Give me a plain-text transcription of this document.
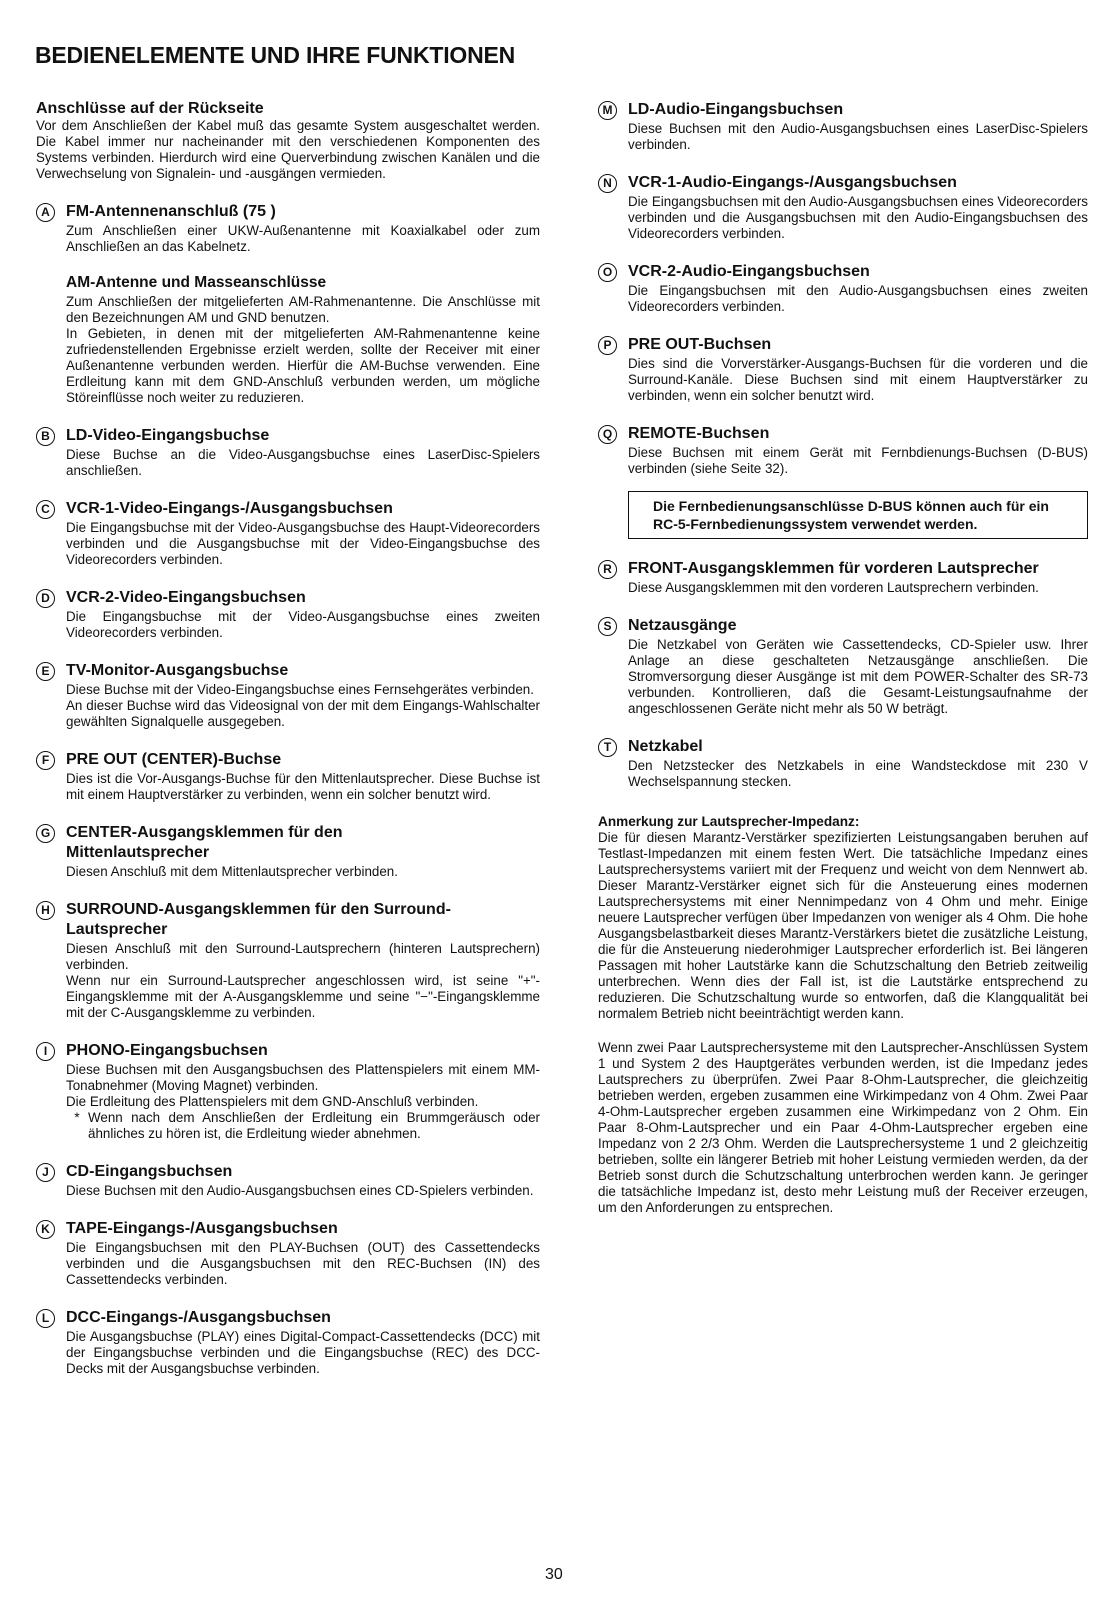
BEDIENELEMENTE UND IHRE FUNKTIONEN
Anschlüsse auf der Rückseite

Vor dem Anschließen der Kabel muß das gesamte System ausgeschaltet werden. Die Kabel immer nur nacheinander mit den verschiedenen Komponenten des Systems verbinden. Hierdurch wird eine Querverbindung zwischen Kanälen und die Verwechselung von Signalein- und -ausgängen vermieden.

A	FM-Antennenanschluß (75 )

Zum Anschließen einer UKW-Außenantenne mit Koaxialkabel oder zum Anschließen an das Kabelnetz.

AM-Antenne und Masseanschlüsse

Zum Anschließen der mitgelieferten AM-Rahmenantenne. Die Anschlüsse mit den Bezeichnungen AM und GND benutzen.

In Gebieten, in denen mit der mitgelieferten AM-Rahmenantenne keine zufriedenstellenden Ergebnisse erzielt werden, sollte der Receiver mit einer Außenantenne verbunden werden. Hierfür die AM-Buchse verwenden. Eine Erdleitung kann mit dem GND-Anschluß verbunden werden, um mögliche Störeinflüsse noch weiter zu reduzieren.

B	LD-Video-Eingangsbuchse

Diese Buchse an die Video-Ausgangsbuchse eines LaserDisc-Spielers anschließen.

C	VCR-1-Video-Eingangs-/Ausgangsbuchsen

Die Eingangsbuchse mit der Video-Ausgangsbuchse des Haupt-Videorecorders verbinden und die Ausgangsbuchse mit der Video-Eingangsbuchse des Videorecorders verbinden.

D	VCR-2-Video-Eingangsbuchsen

Die Eingangsbuchse mit der Video-Ausgangsbuchse eines zweiten Videorecorders verbinden.

E	TV-Monitor-Ausgangsbuchse

Diese Buchse mit der Video-Eingangsbuchse eines Fernsehgerätes verbinden.

An dieser Buchse wird das Videosignal von der mit dem Eingangs-Wahlschalter gewählten Signalquelle ausgegeben.

F	PRE OUT (CENTER)-Buchse

Dies ist die Vor-Ausgangs-Buchse für den Mittenlautsprecher. Diese Buchse ist mit einem Hauptverstärker zu verbinden, wenn ein solcher benutzt wird.

G CENTER-Ausgangsklemmen für den Mittenlautsprecher

Diesen Anschluß mit dem Mittenlautsprecher verbinden.

H	SURROUND-Ausgangsklemmen für den Surround-Lautsprecher

Diesen Anschluß mit den Surround-Lautsprechern (hinteren Lautsprechern) verbinden.

Wenn nur ein Surround-Lautsprecher angeschlossen wird, ist seine "+"-Eingangsklemme mit der A-Ausgangsklemme und seine "−"-Eingangsklemme mit der C-Ausgangsklemme zu verbinden.

I	PHONO-Eingangsbuchsen

Diese Buchsen mit den Ausgangsbuchsen des Plattenspielers mit einem MM-Tonabnehmer (Moving Magnet) verbinden.

Die Erdleitung des Plattenspielers mit dem GND-Anschluß verbinden.

* Wenn nach dem Anschließen der Erdleitung ein Brummgeräusch oder ähnliches zu hören ist, die Erdleitung wieder abnehmen.
J	CD-Eingangsbuchsen

Diese Buchsen mit den Audio-Ausgangsbuchsen eines CD-Spielers verbinden.

K	TAPE-Eingangs-/Ausgangsbuchsen

Die Eingangsbuchsen mit den PLAY-Buchsen (OUT) des Cassettendecks verbinden und die Ausgangsbuchsen mit den REC-Buchsen (IN) des Cassettendecks verbinden.

L	DCC-Eingangs-/Ausgangsbuchsen

Die Ausgangsbuchse (PLAY) eines Digital-Compact-Cassettendecks (DCC) mit der Eingangsbuchse verbinden und die Eingangsbuchse (REC) des DCC-Decks mit der Ausgangsbuchse verbinden.

M LD-Audio-Eingangsbuchsen

Diese Buchsen mit den Audio-Ausgangsbuchsen eines LaserDisc-Spielers verbinden.

N	VCR-1-Audio-Eingangs-/Ausgangsbuchsen

Die Eingangsbuchsen mit den Audio-Ausgangsbuchsen eines Videorecorders verbinden und die Ausgangsbuchsen mit den Audio-Eingangsbuchsen des Videorecorders verbinden.

O VCR-2-Audio-Eingangsbuchsen

Die Eingangsbuchsen mit den Audio-Ausgangsbuchsen eines zweiten Videorecorders verbinden.

P	PRE OUT-Buchsen

Dies sind die Vorverstärker-Ausgangs-Buchsen für die vorderen und die Surround-Kanäle. Diese Buchsen sind mit einem Hauptverstärker zu verbinden, wenn ein solcher benutzt wird.

Q REMOTE-Buchsen

Diese Buchsen mit einem Gerät mit Fernbdienungs-Buchsen (D-BUS) verbinden (siehe Seite 32).

Die Fernbedienungsanschlüsse D-BUS können auch für ein RC-5-Fernbedienungssystem verwendet werden.
R	FRONT-Ausgangsklemmen für vorderen Lautsprecher

Diese Ausgangsklemmen mit den vorderen Lautsprechern verbinden.

S	Netzausgänge

Die Netzkabel von Geräten wie Cassettendecks, CD-Spieler usw. Ihrer Anlage an diese geschalteten Netzausgänge anschließen. Die Stromversorgung dieser Ausgänge ist mit dem POWER-Schalter des SR-73 verbunden. Kontrollieren, daß die Gesamt-Leistungsaufnahme der angeschlossenen Geräte nicht mehr als 50 W beträgt.

T	Netzkabel

Den Netzstecker des Netzkabels in eine Wandsteckdose mit 230 V Wechselspannung stecken.

Anmerkung zur Lautsprecher-Impedanz:

Die für diesen Marantz-Verstärker spezifizierten Leistungsangaben beruhen auf Testlast-Impedanzen mit einem festen Wert. Die tatsächliche Impedanz eines Lautsprechersystems variiert mit der Frequenz und weicht von dem Nennwert ab. Dieser Marantz-Verstärker eignet sich für die Ansteuerung eines modernen Lautsprechersystems mit einer Nennimpedanz von 4 Ohm und mehr. Einige neuere Lautsprecher verfügen über Impedanzen von weniger als 4 Ohm. Die hohe Ausgangsbelastbarkeit dieses Marantz-Verstärkers bietet die zusätzliche Leistung, die für die Ansteuerung niederohmiger Lautsprecher erforderlich ist. Bei längeren Passagen mit hoher Lautstärke kann die Schutzschaltung den Betrieb zeitweilig unterbrechen. Wenn dies der Fall ist, ist die Lautstärke entsprechend zu reduzieren. Die Schutzschaltung wurde so entworfen, daß die Klangqualität bei normalem Betrieb nicht beeinträchtigt werden kann.

Wenn zwei Paar Lautsprechersysteme mit den Lautsprecher-Anschlüssen System 1 und System 2 des Hauptgerätes verbunden werden, ist die Impedanz jedes Lautsprechers zu überprüfen. Zwei Paar 8-Ohm-Lautsprecher, die gleichzeitig betrieben werden, ergeben zusammen eine Wirkimpedanz von 4 Ohm. Zwei Paar 4-Ohm-Lautsprecher ergeben zusammen eine Wirkimpedanz von 2 Ohm. Ein Paar 8-Ohm-Lautsprecher und ein Paar 4-Ohm-Lautsprecher ergeben eine Impedanz von 2 2/3 Ohm. Werden die Lautsprechersysteme 1 und 2 gleichzeitig betrieben, sollte ein längerer Betrieb mit hoher Leistung vermieden werden, da der Betrieb sonst durch die Schutzschaltung unterbrochen werden kann. Je geringer die tatsächliche Impedanz ist, desto mehr Leistung muß der Receiver erzeugen, um den Anforderungen zu entsprechen.

30
